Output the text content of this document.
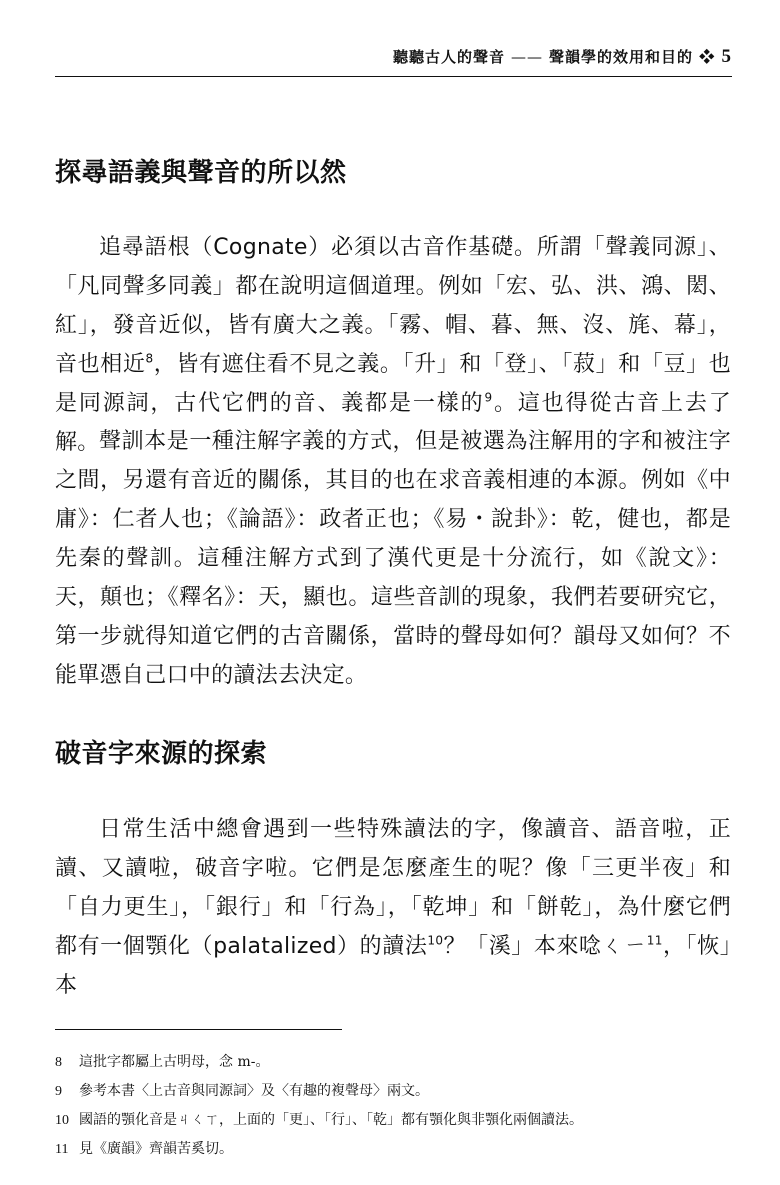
聽聽古人的聲音 —— 聲韻學的效用和目的 ❖ 5
探尋語義與聲音的所以然

追尋語根（Cognate）必須以古音作基礎。所謂「聲義同源」、「凡同聲多同義」都在說明這個道理。例如「宏、弘、洪、鴻、閎、紅」，發音近似，皆有廣大之義。「霧、帽、暮、無、沒、旄、幕」，音也相近$^8$，皆有遮住看不見之義。「升」和「登」、「菽」和「豆」也是同源詞，古代它們的音、義都是一樣的$^9$。這也得從古音上去了解。 聲訓本是一種注解字義的方式，但是被選為注解用的字和被注字之間，另還有音近的關係，其目的也在求音義相連的本源。例如《中庸》：仁者人也；《論語》：政者正也；《易・說卦》：乾，健也，都是先秦的聲訓。這種注解方式到了漢代更是十分流行，如《說文》：天，顛也；《釋名》：天，顯也。這些音訓的現象，我們若要研究它，第一步就得知道它們的古音關係，當時的聲母如何？韻母又如何？不能單憑自己口中的讀法去決定。

破音字來源的探索

日常生活中總會遇到一些特殊讀法的字，像讀音、語音啦，正讀、又讀啦，破音字啦。它們是怎麼產生的呢？像「三更半夜」和「自力更生」，「銀行」和「行為」，「乾坤」和「餅乾」，為什麼它們都有一個顎化（palatalized）的讀法$^{10}$？「溪」本來唸ㄑㄧ$^{11}$，「恢」本

8 這批字都屬上古明母，念 m-。
9 參考本書〈上古音與同源詞〉及〈有趣的複聲母〉兩文。
10 國語的顎化音是ㄐㄑㄒ，上面的「更」、「行」、「乾」都有顎化與非顎化兩個讀法。
11 見《廣韻》齊韻苦奚切。
